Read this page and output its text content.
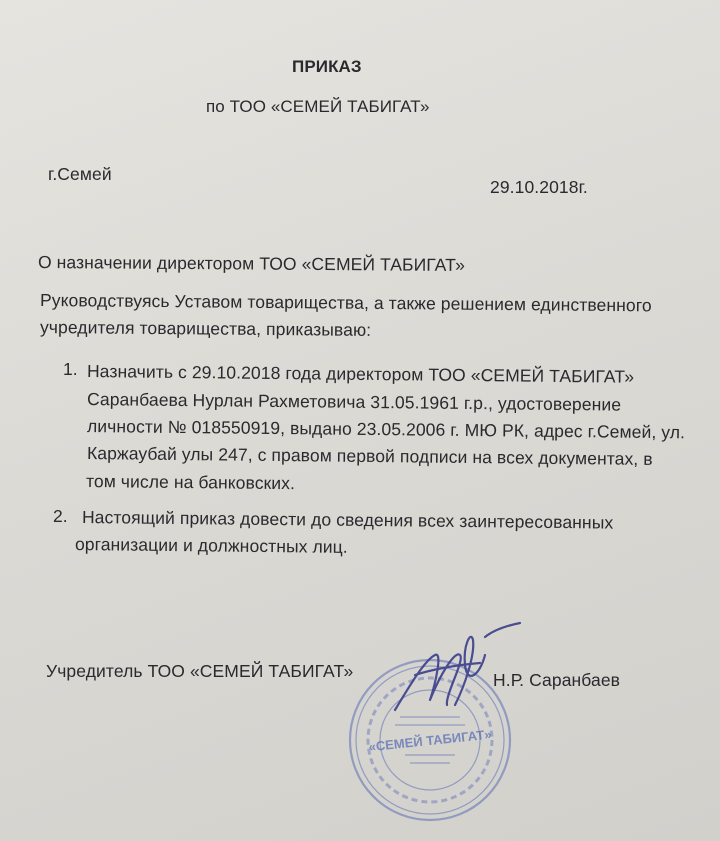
ПРИКАЗ
по ТОО «СЕМЕЙ ТАБИГАТ»
г.Семей
29.10.2018г.
О назначении директором ТОО «СЕМЕЙ ТАБИГАТ»
Руководствуясь Уставом товарищества, а также решением единственного
учредителя товарищества, приказываю:
1. Назначить с 29.10.2018 года директором ТОО «СЕМЕЙ ТАБИГАТ»
Саранбаева Нурлан Рахметовича 31.05.1961 г.р., удостоверение
личности № 018550919, выдано 23.05.2006 г. МЮ РК, адрес г.Семей, ул.
Каржаубай улы 247, с правом первой подписи на всех документах, в
том числе на банковских.
2. Настоящий приказ довести до сведения всех заинтересованных
организации и должностных лиц.
Учредитель ТОО «СЕМЕЙ ТАБИГАТ»	Н.Р. Саранбаев
«СЕМЕЙ ТАБИГАТ»
